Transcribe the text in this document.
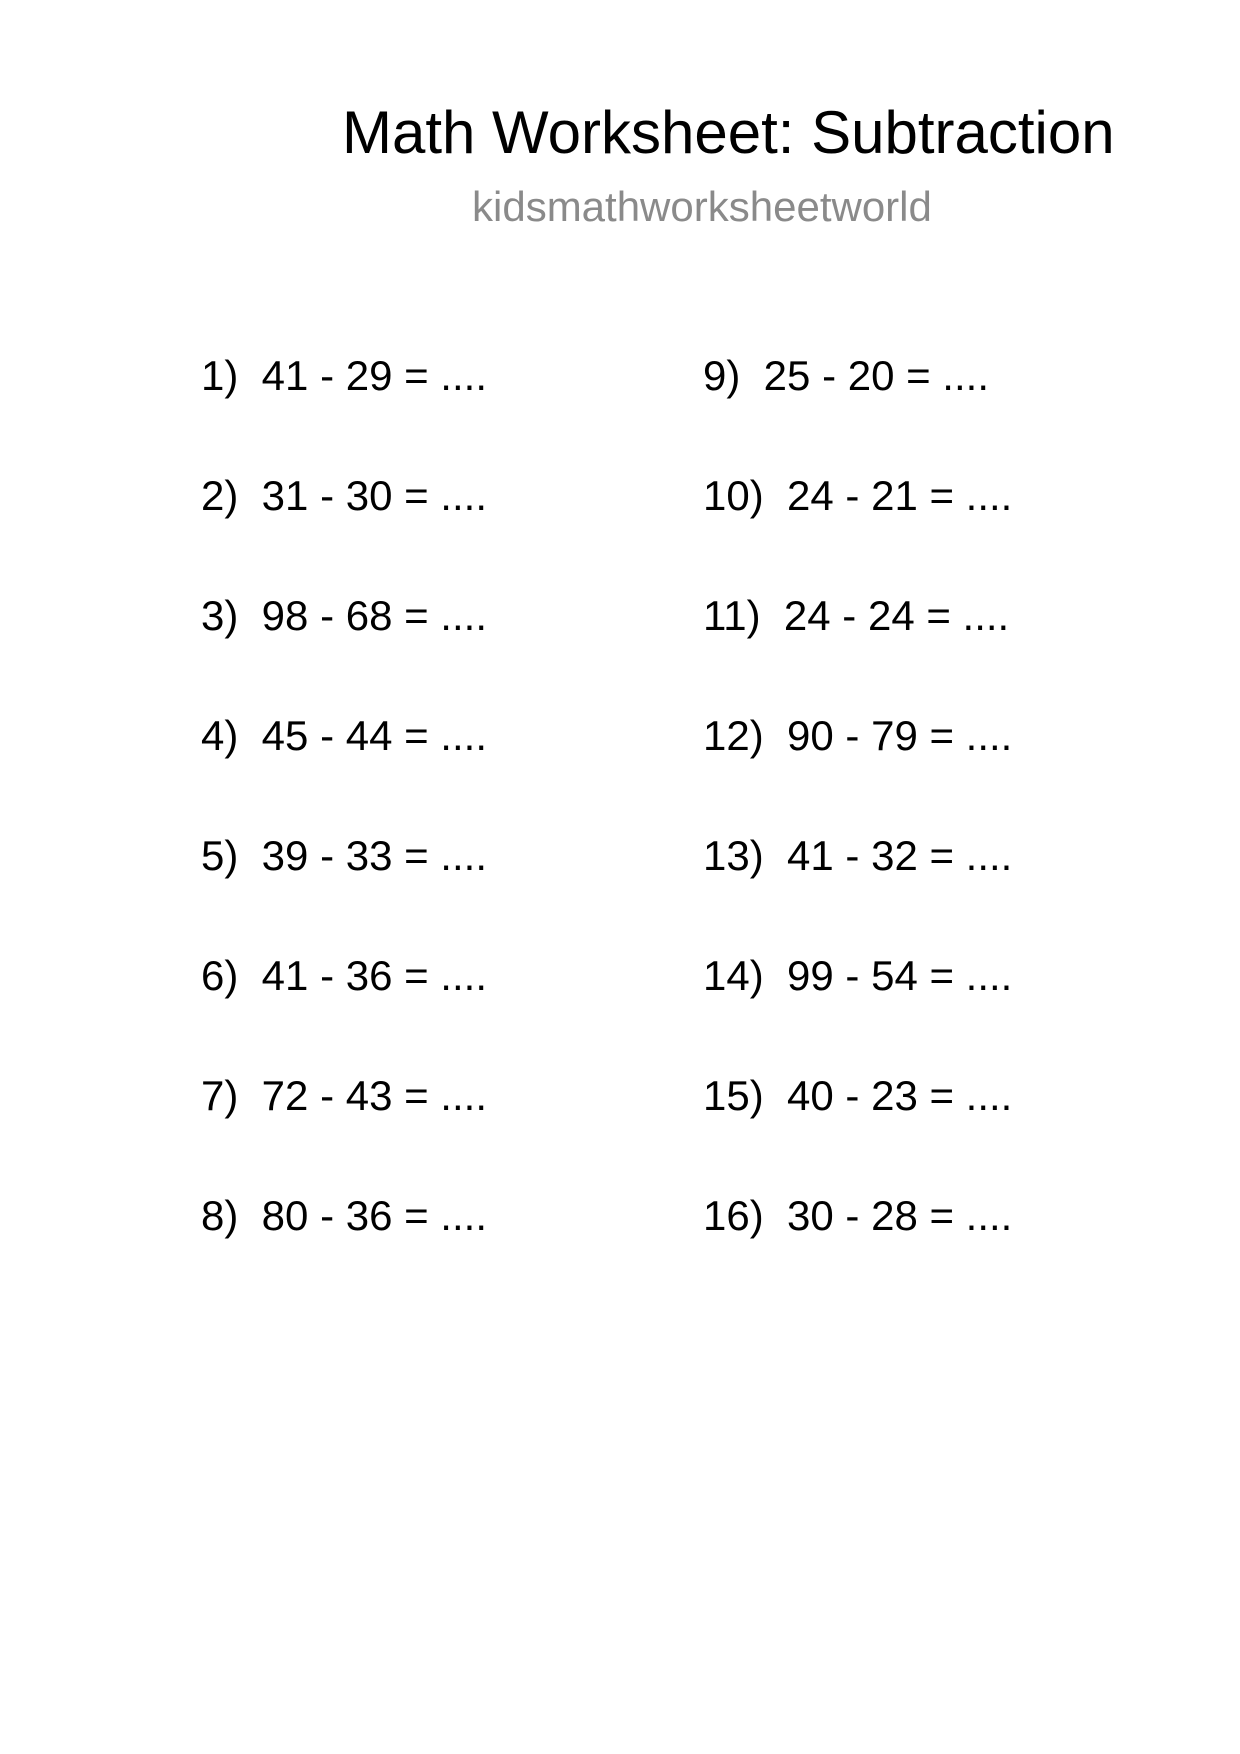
Math Worksheet: Subtraction
kidsmathworksheetworld
1)  41 - 29 = ....
2)  31 - 30 = ....
3)  98 - 68 = ....
4)  45 - 44 = ....
5)  39 - 33 = ....
6)  41 - 36 = ....
7)  72 - 43 = ....
8)  80 - 36 = ....
9)  25 - 20 = ....
10)  24 - 21 = ....
11)  24 - 24 = ....
12)  90 - 79 = ....
13)  41 - 32 = ....
14)  99 - 54 = ....
15)  40 - 23 = ....
16)  30 - 28 = ....
